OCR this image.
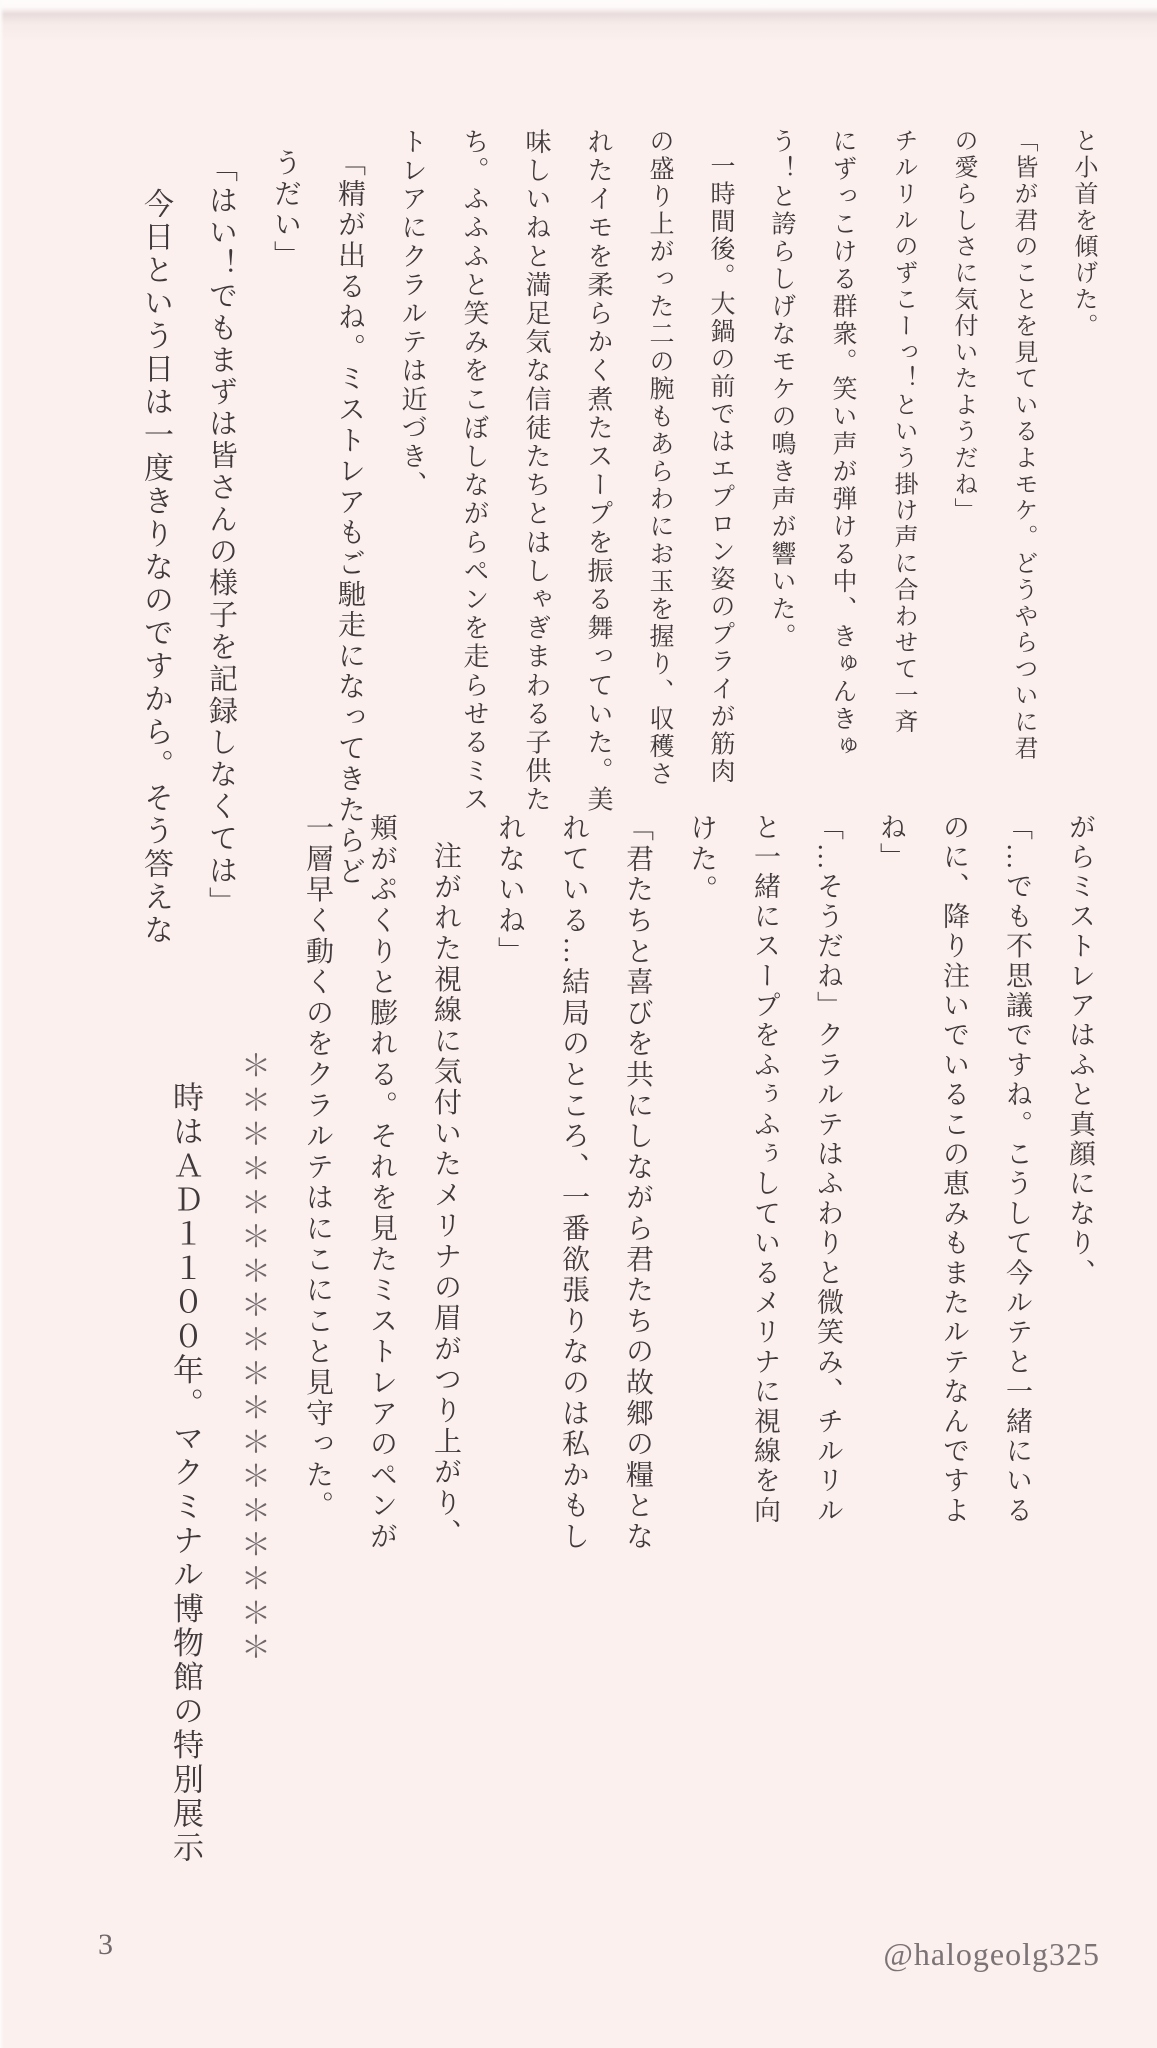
と小首を傾げた。
「皆が君のことを見ているよモケ。どうやらついに君
の愛らしさに気付いたようだね」
チルリルのずこーっ！という掛け声に合わせて一斉
にずっこける群衆。笑い声が弾ける中、きゅんきゅ
う！と誇らしげなモケの鳴き声が響いた。
一時間後。大鍋の前ではエプロン姿のプライが筋肉
の盛り上がった二の腕もあらわにお玉を握り、収穫さ
れたイモを柔らかく煮たスープを振る舞っていた。美
味しいねと満足気な信徒たちとはしゃぎまわる子供た
ち。ふふふと笑みをこぼしながらペンを走らせるミス
トレアにクラルテは近づき、
「精が出るね。ミストレアもご馳走になってきたらど
うだい」
「はい！でもまずは皆さんの様子を記録しなくては」
今日という日は一度きりなのですから。そう答えな
がらミストレアはふと真顔になり、
「…でも不思議ですね。こうして今ルテと一緒にいる
のに、降り注いでいるこの恵みもまたルテなんですよ
ね」
「…そうだね」クラルテはふわりと微笑み、チルリル
と一緒にスープをふぅふぅしているメリナに視線を向
けた。
「君たちと喜びを共にしながら君たちの故郷の糧とな
れている…結局のところ、一番欲張りなのは私かもし
れないね」
注がれた視線に気付いたメリナの眉がつり上がり、
頬がぷくりと膨れる。それを見たミストレアのペンが
一層早く動くのをクラルテはにこにこと見守った。
＊＊＊＊＊＊＊＊＊＊＊＊＊＊＊＊＊＊
時はＡＤ１１００年。マクミナル博物館の特別展示
3	@halogeolg325
